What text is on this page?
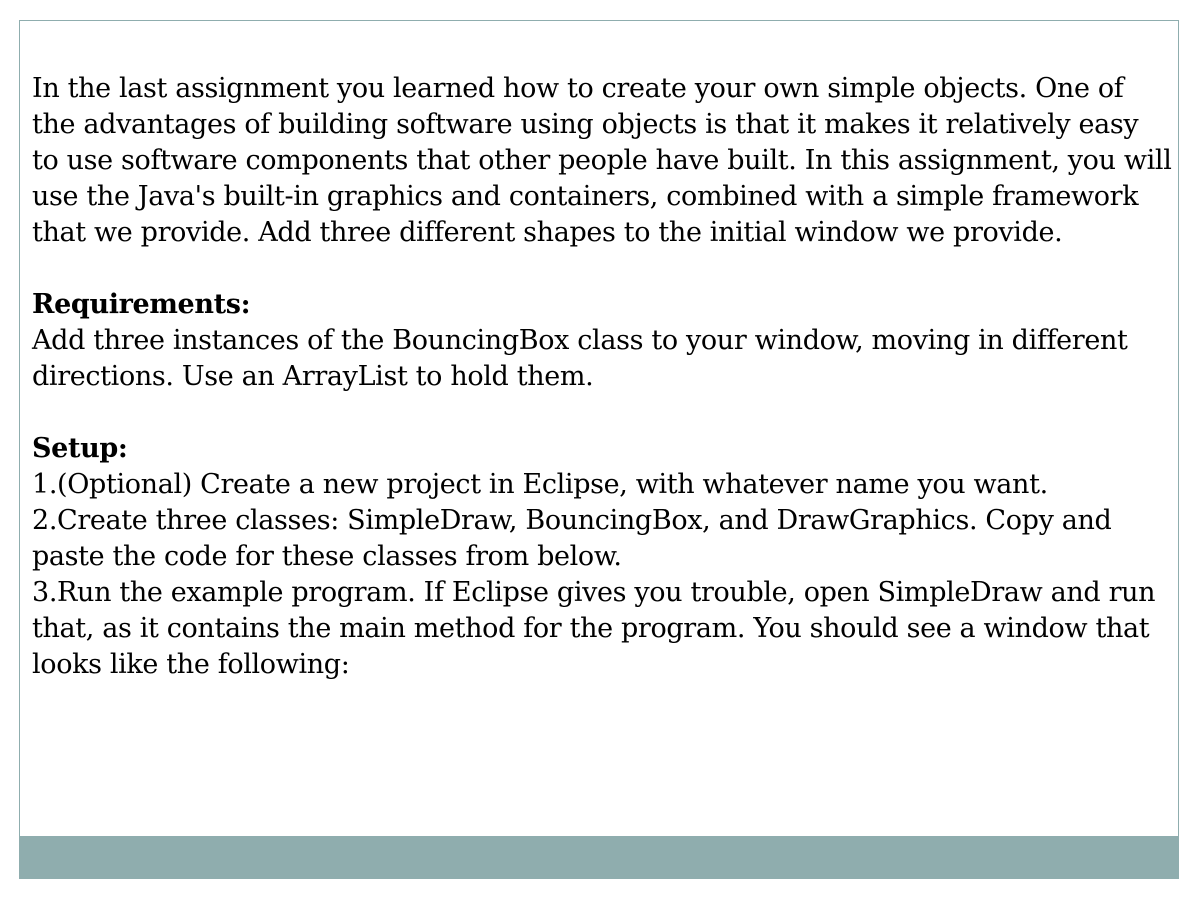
In the last assignment you learned how to create your own simple objects. One of the advantages of building software using objects is that it makes it relatively easy to use software components that other people have built. In this assignment, you will use the Java's built-in graphics and containers, combined with a simple framework that we provide. Add three different shapes to the initial window we provide.

Requirements:

Add three instances of the BouncingBox class to your window, moving in different directions. Use an ArrayList to hold them.

Setup:

1.(Optional) Create a new project in Eclipse, with whatever name you want.

2.Create three classes: SimpleDraw, BouncingBox, and DrawGraphics. Copy and paste the code for these classes from below.

3.Run the example program. If Eclipse gives you trouble, open SimpleDraw and run that, as it contains the main method for the program. You should see a window that looks like the following:
